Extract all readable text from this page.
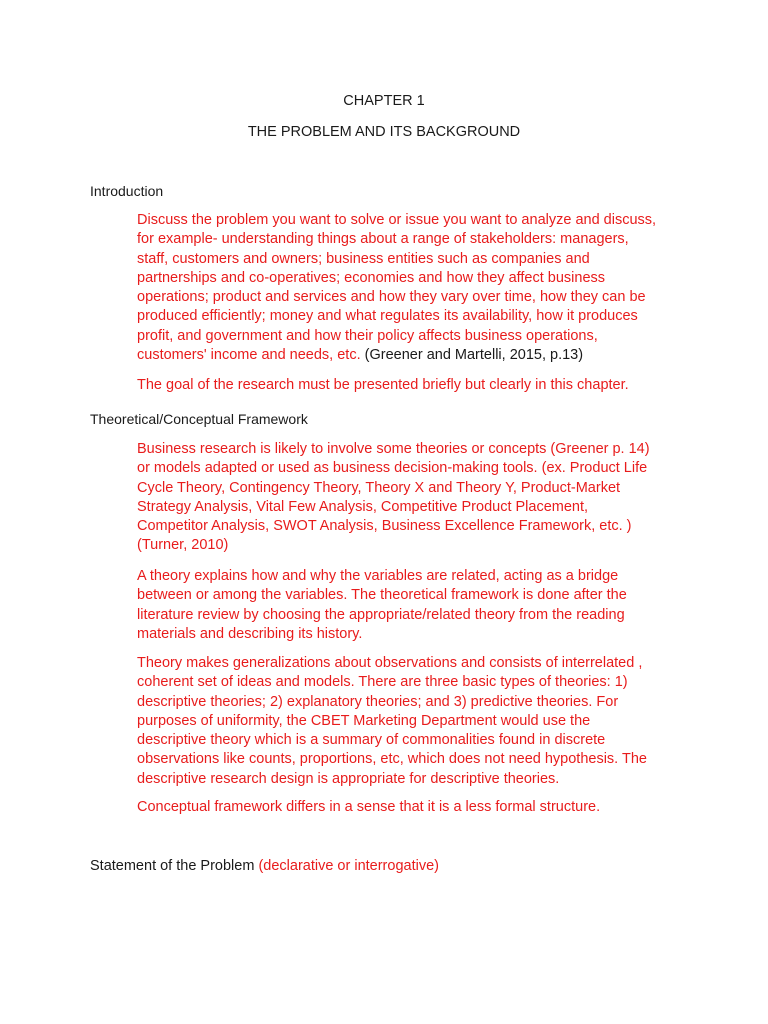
CHAPTER 1
THE PROBLEM AND ITS BACKGROUND
Introduction
Discuss the problem you want to solve or issue you want to analyze and discuss,
for example- understanding things about a range of stakeholders: managers,
staff, customers and owners; business entities such as companies and
partnerships and co-operatives; economies and how they affect business
operations; product and services and how they vary over time, how they can be
produced efficiently; money and what regulates its availability, how it produces
profit, and government and how their policy affects business operations,
customers' income and needs, etc. (Greener and Martelli, 2015, p.13)
The goal of the research must be presented briefly but clearly in this chapter.
Theoretical/Conceptual Framework
Business research is likely to involve some theories or concepts (Greener p. 14)
or models adapted or used as business decision-making tools. (ex. Product Life
Cycle Theory, Contingency Theory, Theory X and Theory Y, Product-Market
Strategy Analysis, Vital Few Analysis, Competitive Product Placement,
Competitor Analysis, SWOT Analysis, Business Excellence Framework, etc. )
(Turner, 2010)
A theory explains how and why the variables are related, acting as a bridge
between or among the variables. The theoretical framework is done after the
literature review by choosing the appropriate/related theory from the reading
materials and describing its history.
Theory makes generalizations about observations and consists of interrelated ,
coherent set of ideas and models. There are three basic types of theories: 1)
descriptive theories; 2) explanatory theories; and 3) predictive theories. For
purposes of uniformity, the CBET Marketing Department would use the
descriptive theory which is a summary of commonalities found in discrete
observations like counts, proportions, etc, which does not need hypothesis. The
descriptive research design is appropriate for descriptive theories.
Conceptual framework differs in a sense that it is a less formal structure.
Statement of the Problem (declarative or interrogative)
